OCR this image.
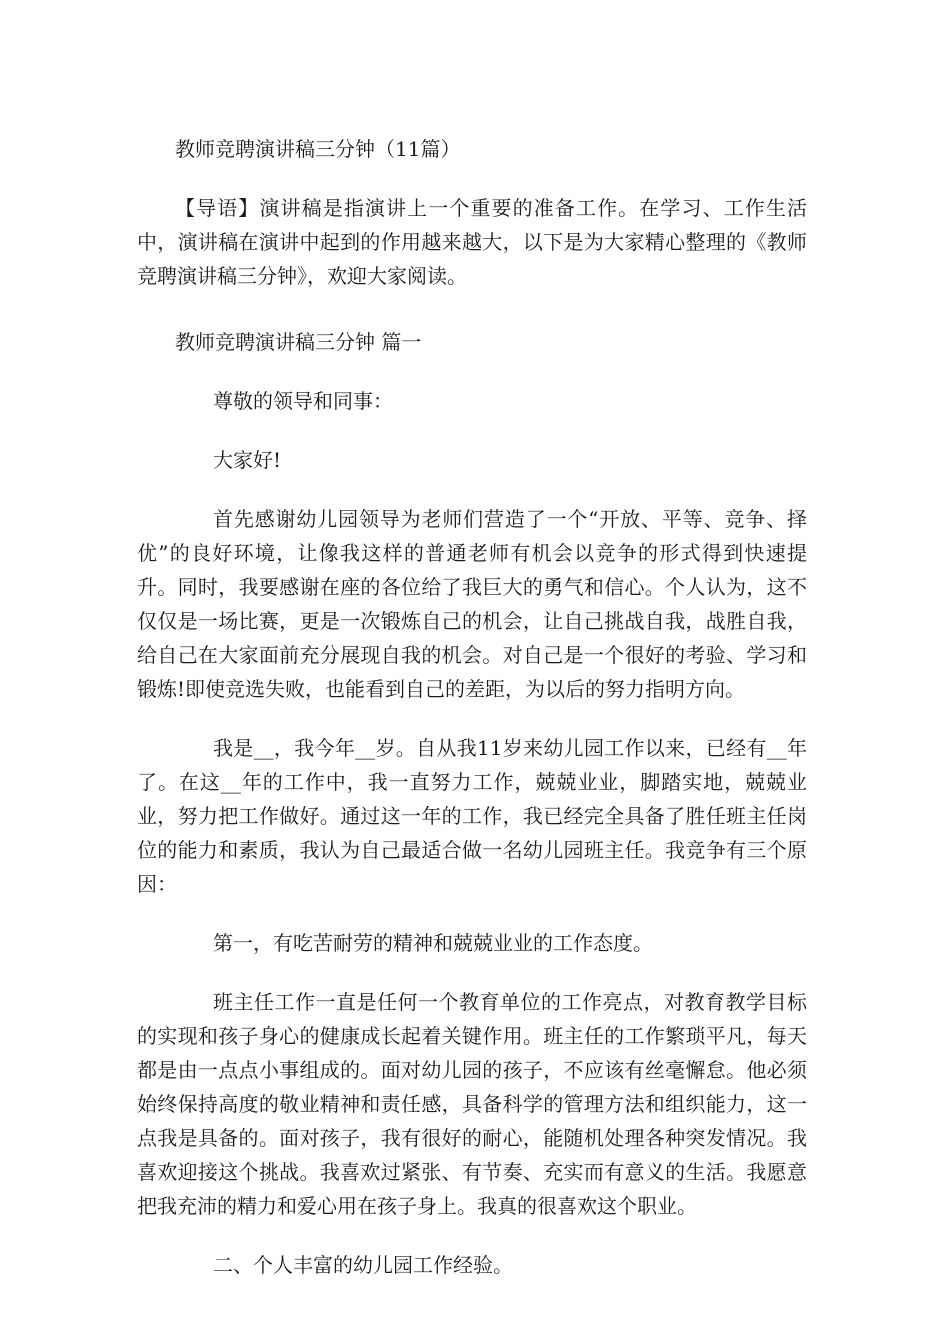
教师竞聘演讲稿三分钟（11篇）

【导语】演讲稿是指演讲上一个重要的准备工作。在学习、工作生活中，演讲稿在演讲中起到的作用越来越大，以下是为大家精心整理的《教师竞聘演讲稿三分钟》，欢迎大家阅读。

教师竞聘演讲稿三分钟 篇一

尊敬的领导和同事：

大家好!

首先感谢幼儿园领导为老师们营造了一个“开放、平等、竞争、择优”的良好环境，让像我这样的普通老师有机会以竞争的形式得到快速提升。同时，我要感谢在座的各位给了我巨大的勇气和信心。个人认为，这不仅仅是一场比赛，更是一次锻炼自己的机会，让自己挑战自我，战胜自我，给自己在大家面前充分展现自我的机会。对自己是一个很好的考验、学习和锻炼!即使竞选失败，也能看到自己的差距，为以后的努力指明方向。

我是__，我今年__岁。自从我11岁来幼儿园工作以来，已经有__年了。在这__年的工作中，我一直努力工作，兢兢业业，脚踏实地，兢兢业业，努力把工作做好。通过这一年的工作，我已经完全具备了胜任班主任岗位的能力和素质，我认为自己最适合做一名幼儿园班主任。我竞争有三个原因：

第一，有吃苦耐劳的精神和兢兢业业的工作态度。

班主任工作一直是任何一个教育单位的工作亮点，对教育教学目标的实现和孩子身心的健康成长起着关键作用。班主任的工作繁琐平凡，每天都是由一点点小事组成的。面对幼儿园的孩子，不应该有丝毫懈怠。他必须始终保持高度的敬业精神和责任感，具备科学的管理方法和组织能力，这一点我是具备的。面对孩子，我有很好的耐心，能随机处理各种突发情况。我喜欢迎接这个挑战。我喜欢过紧张、有节奏、充实而有意义的生活。我愿意把我充沛的精力和爱心用在孩子身上。我真的很喜欢这个职业。

二、个人丰富的幼儿园工作经验。
